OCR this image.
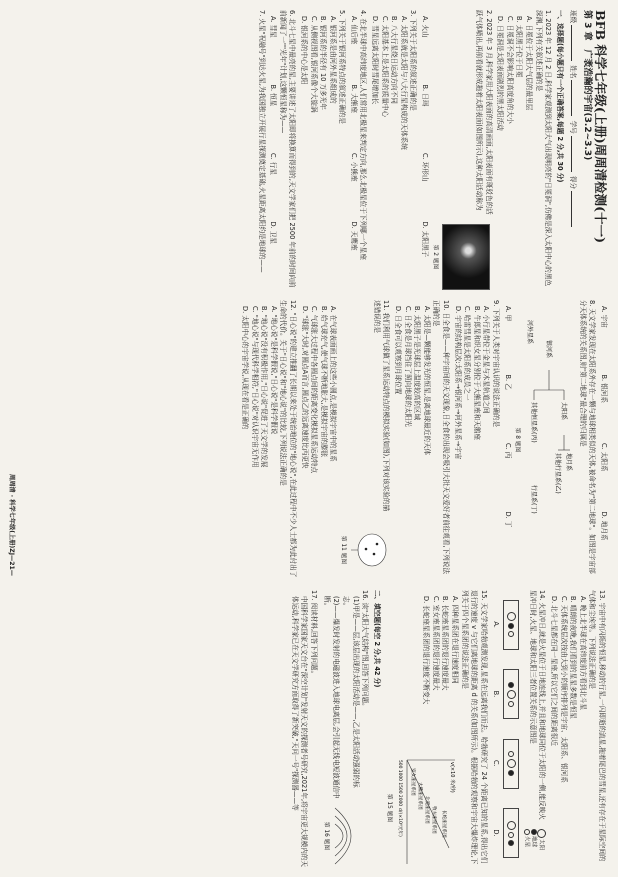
BFB 科学七年级(上册)周周清检测(十一)
第 3 章　广袤浩瀚的宇宙(3.2~3.3)
班级 姓名 学号 得分
一、选择题(每小题只有一个正确答案,每题 2 分,共 30 分)
1. 2023 年 12 月 2 日,科学家观测到太阳大气出现明亮的"日冕洞",仿佛是深入太阳中心的黑色深渊,下列有关叙述正确的是
A. 日冕位于太阳大气层的最里层
B. 太阳黑子位于日冕
C. 日冕洞不会影响太阳高度角的大小
D. 日冕洞是太阳表面剧烈的黑太阳活动
2. 2023 年 3 月,科学家用大阳表面的高清画面,太阳表面有斑驳色的活跃气体喷出,再前看就形成拖着太阳表面(如图所示),这种太阳活动称为
第 2 题图
A. 火山
B. 日珥
C. 环形山
D. 太阳黑子
3. 下列关于太阳系的叙述正确的是
A. 太阳系就是太阳与八大行星构成的天体系统
B. 八大行星绕日运动方向不同
C. 太阳基本上是太阳系的质量中心
D. 彗星远离太阳时彗尾增加长
4. 在北半球中高纬度地区,人们常用北极星来判定方向,那么北极星位于下列哪一个星座
A. 仙后座
B. 大熊座
C. 小熊座
D. 天鹰座
5. 下列关于银河系特点的叙述正确的是
A. 银河系是由河外星系组成的
B. 银河系的半径有 10 万多光年
C. 从侧视图看,银河系像个大旋涡
D. 银河系的中心是太阳
6. 北斗七星中最亮的星,主要讲述了太阳即将换算而得到的,天文学家们把 2500 年前的时间向前前新闻了一""光年"计划,这颗恒星称为——
A. 彗星
B. 恒星
C. 行星
D. 卫星
7. 火星"祝融号"到达火星,为我国独立开展行星探测奠定基础,火星距离太阳约是地球的——
A. 宇宙
B. 银河系
C. 太阳系
D. 地月系
8. 天文学家发现在太阳系外存在一颗与地球相类似的天体,被命名为"第二地球"。如图是宇宙部分天体系统的关系图,则"第二地球"最合理的归属是
银河系
太阳系
地月系
其他行星系(乙)
其他恒星系(丙)
行星系(丁)
河外星系
第 8 题图
A. 甲
B. 乙
C. 丙
D. 丁
9. 下列关于人类对宇宙认识的说法正确的是
A. 小行星带位于金星与木星轨道之间
B. 牛郎星和织女星分别位于大熊星座和天鹅座
C. 哈雷彗星是太阳系的成员之一
D. 宇宙的结构层次:太阳系→银河系→河外星系→宇宙
10. 日全食是——种宇宙间的天文现象,日全食的出现会吸引大批天文爱好者前往观看,下列说法正确的是
A. 太阳是—颗能够发光的恒星,是离地球最近的天体
B. 太阳黑子是光球层上温度较高的区域
C. 日全食是月球挡住了照向地球的太阳光
D. 日全食可以观察到月球位置
11. 我们利用气球做了星系运动特点的模拟实验(如图),下列对该实验的描述错误的是
第 11 题图
A. 在气球表面画上的这些小圆点,是模拟宇宙中的星系
B. 给气球充气,使气球不断地胀大,是模拟宇宙的膨胀
C. 气球胀大过程中各圆点间的距离变化模拟星系运动特点
D. "球胀"大时,对圆点A而言,圆点乙的远离速度比丙更快
12. "日心说"的建立推翻了长期以来处于统治地位的"地心说",在此过程中不少人士都为此付出了生命的代价。关于"日心说"和"地心说"的比较,下列说法正确的是
A. "地心说"是科学假说,"日心说"是科学假说
B. "地心说"没有积极作用,"日心说"促进了天文学的发展
C. "地心说"与现代科学相符,"日心说"对认识宇宙无作用
D. 太阳中心的宇宙学说,从现在看是正确的
周周清 · 科学七年级(上册)ZJ—21—
13. 宇宙中有闪烁的恒星,移动的行星,一闪即逝的流星,拖着尾巴的彗星,还有存在于星际空间的气体和尘埃等。下列说法正确的是
A. 晚上北半球在高纬度前方看到北斗星
B. 晴朗的夜晚,我们看到的星星多数是恒星
C. 天体系统层次按由大到小的顺序排列是宇宙、太阳系、银河系
D. 北斗七星都在同一星座,所以它们之间的距离很近
14. 火星冲日,就是火星位于日地连线上,并且和地球同位于太阳的一侧,能反映火星冲日时,火星、地球和太阳三者位置关系的示意图是
太阳
地球
火星
A.
B.
C.
D.
15. 天文学家哈勃观测发现,星系在远离我们而去。哈勃研究了 24 个距离已知的星系,得出它们退行的速度 v 与它们离地球的距离 d 的关系(如图所示)。根据哈勃的观察和宇宙大爆炸理论,下列关于四个星系团的说法正确的是
A. 四种星系团在退行速度相同
B. 长蛇座星系团的退行速度最大
C. 室女座星系团的退行速度最大
D. 长蛇座星系团的退行速度不断变大
v(×10 米/秒)
d/(×10⁶光年)
500 1000 1500 2000
长蛇座星系团
牧夫座星系团
北冕座星系团
大熊座星系团
室女座星系团
第 15 题图
二、填空题(每空 2 分,共 42 分)
16. 读"太阳大气结构"图,回答下列问题。
(1)甲是——层,该层出现的太阳活动是——,乙是太阳活动强弱的标志。
(2)——爆发时发射的电磁波进入地球电离层,会引起无线电短波通信中断。
第 16 题图
17. 阅读材料,回答下列问题。
中国科学家国家天文台在"深空计划"发射天文的探测者号研究,2021年,将宇宙更大规模内的天体运动,科学家已在天文学研究方面取得了新突破,"天问一号"探测器——等
